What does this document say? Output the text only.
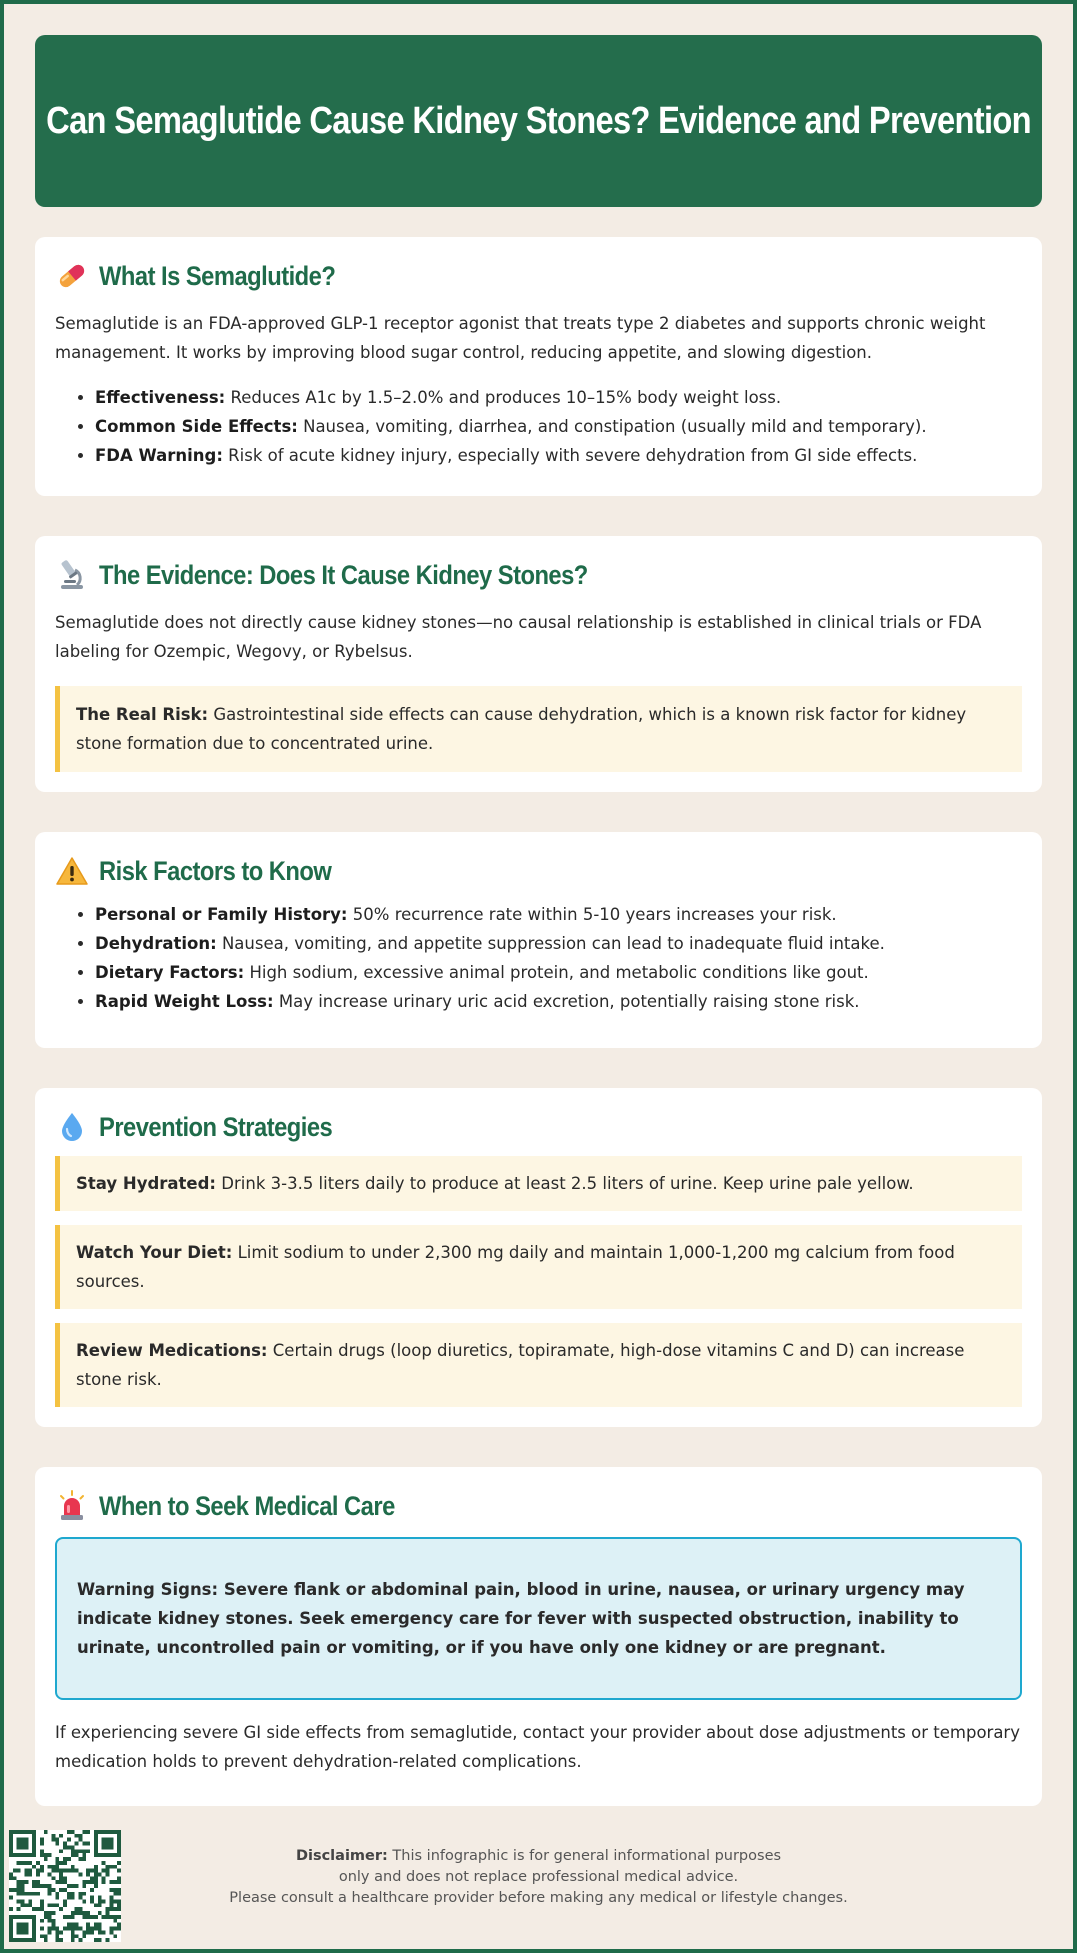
Can Semaglutide Cause Kidney Stones? Evidence and Prevention
What Is Semaglutide?

Semaglutide is an FDA-approved GLP-1 receptor agonist that treats type 2 diabetes and supports chronic weight management. It works by improving blood sugar control, reducing appetite, and slowing digestion.

• Effectiveness: Reduces A1c by 1.5–2.0% and produces 10–15% body weight loss.
• Common Side Effects: Nausea, vomiting, diarrhea, and constipation (usually mild and temporary).
• FDA Warning: Risk of acute kidney injury, especially with severe dehydration from GI side effects.
The Evidence: Does It Cause Kidney Stones?

Semaglutide does not directly cause kidney stones—no causal relationship is established in clinical trials or FDA labeling for Ozempic, Wegovy, or Rybelsus.

The Real Risk: Gastrointestinal side effects can cause dehydration, which is a known risk factor for kidney stone formation due to concentrated urine.
Risk Factors to Know
• Personal or Family History: 50% recurrence rate within 5-10 years increases your risk.
• Dehydration: Nausea, vomiting, and appetite suppression can lead to inadequate fluid intake.
• Dietary Factors: High sodium, excessive animal protein, and metabolic conditions like gout.
• Rapid Weight Loss: May increase urinary uric acid excretion, potentially raising stone risk.
Prevention Strategies
Stay Hydrated: Drink 3-3.5 liters daily to produce at least 2.5 liters of urine. Keep urine pale yellow.
Watch Your Diet: Limit sodium to under 2,300 mg daily and maintain 1,000-1,200 mg calcium from food sources.
Review Medications: Certain drugs (loop diuretics, topiramate, high-dose vitamins C and D) can increase stone risk.
When to Seek Medical Care
Warning Signs: Severe flank or abdominal pain, blood in urine, nausea, or urinary urgency may indicate kidney stones. Seek emergency care for fever with suspected obstruction, inability to urinate, uncontrolled pain or vomiting, or if you have only one kidney or are pregnant.

If experiencing severe GI side effects from semaglutide, contact your provider about dose adjustments or temporary medication holds to prevent dehydration-related complications.

Disclaimer: This infographic is for general informational purposes
only and does not replace professional medical advice.
Please consult a healthcare provider before making any medical or lifestyle changes.
